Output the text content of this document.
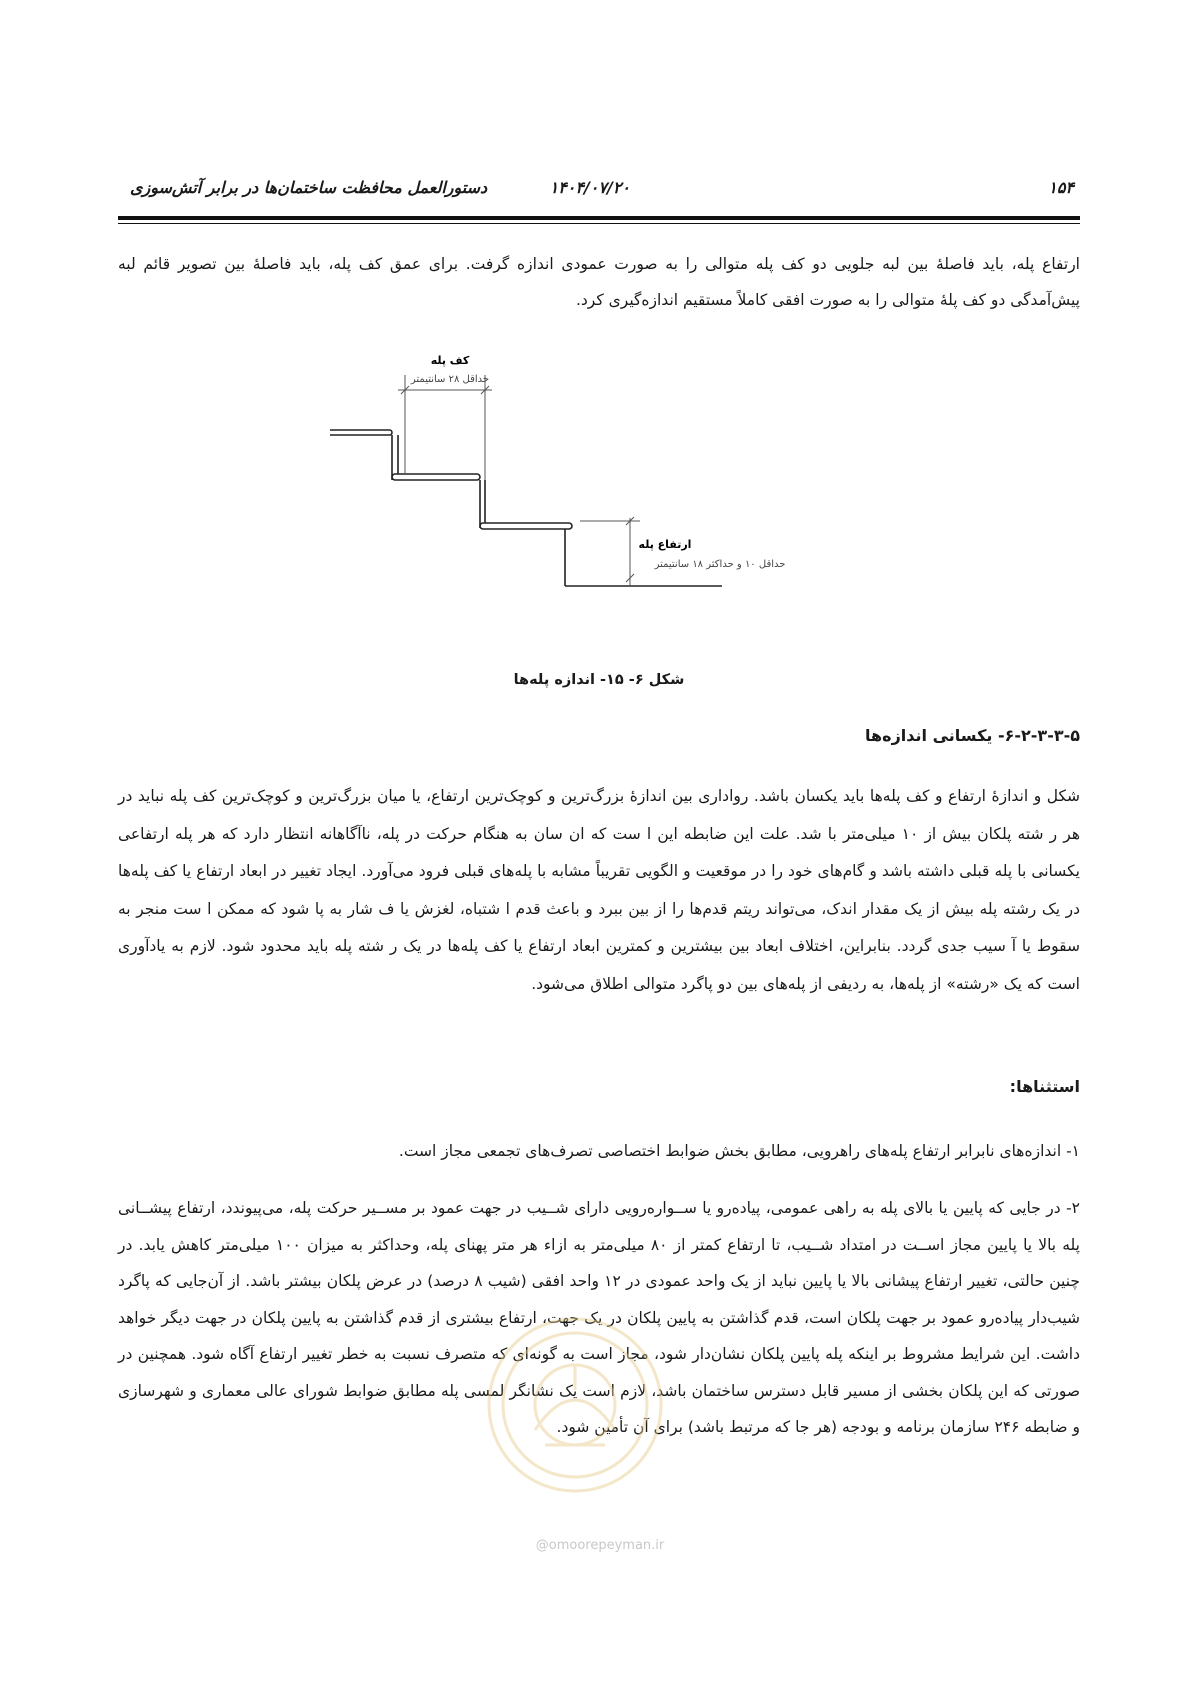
۱۵۴
۱۴۰۴/۰۷/۲۰
دستورالعمل محافظت ساختمان‌ها در برابر آتش‌سوزی

ارتفاع پله، باید فاصلهٔ بین لبه جلویی دو کف پله متوالی را به صورت عمودی اندازه گرفت. برای عمق کف پله، باید فاصلهٔ بین تصویر قائم لبه پیش‌آمدگی دو کف پلهٔ متوالی را به صورت افقی کاملاً مستقیم اندازه‌گیری کرد.

کف پله
حداقل ۲۸ سانتیمتر
ارتفاع پله
حداقل ۱۰ و حداکثر ۱۸ سانتیمتر
شکل ۶- ۱۵- اندازه پله‌ها
۶-۲-۳-۳-۵- یکسانی اندازه‌ها

شکل و اندازهٔ ارتفاع و کف پله‌ها باید یکسان باشد. رواداری بین اندازهٔ بزرگ‌ترین و کوچک‌ترین ارتفاع، یا میان بزرگ‌ترین و کوچک‌ترین کف پله نباید در هر ر شته پلکان بیش از ۱۰ میلی‌متر با شد. علت این ضابطه این ا ست که ان سان به هنگام حرکت در پله، ناآگاهانه انتظار دارد که هر پله ارتفاعی یکسانی با پله قبلی داشته باشد و گام‌های خود را در موقعیت و الگویی تقریباً مشابه با پله‌های قبلی فرود می‌آورد. ایجاد تغییر در ابعاد ارتفاع یا کف پله‌ها در یک رشته پله بیش از یک مقدار اندک، می‌تواند ریتم قدم‌ها را از بین ببرد و باعث قدم ا شتباه، لغزش یا ف شار به پا شود که ممکن ا ست منجر به سقوط یا آ سیب جدی گردد. بنابراین، اختلاف ابعاد بین بیشترین و کمترین ابعاد ارتفاع یا کف پله‌ها در یک ر شته پله باید محدود شود. لازم به یادآوری است که یک «رشته» از پله‌ها، به ردیفی از پله‌های بین دو پاگرد متوالی اطلاق می‌شود.

استثناها:

۱- اندازه‌های نابرابر ارتفاع پله‌های راهرویی، مطابق بخش ضوابط اختصاصی تصرف‌های تجمعی مجاز است.

۲- در جایی که پایین یا بالای پله به راهی عمومی، پیاده‌رو یا ســواره‌رویی دارای شــیب در جهت عمود بر مســیر حرکت پله، می‌پیوندد، ارتفاع پیشــانی پله بالا یا پایین مجاز اســت در امتداد شــیب، تا ارتفاع کمتر از ۸۰ میلی‌متر به ازاء هر متر پهنای پله، وحداکثر به میزان ۱۰۰ میلی‌متر کاهش یابد. در چنین حالتی، تغییر ارتفاع پیشانی بالا یا پایین نباید از یک واحد عمودی در ۱۲ واحد افقی (شیب ۸ درصد) در عرض پلکان بیشتر باشد. از آن‌جایی که پاگرد شیب‌دار پیاده‌رو عمود بر جهت پلکان است، قدم گذاشتن به پایین پلکان در یک جهت، ارتفاع بیشتری از قدم گذاشتن به پایین پلکان در جهت دیگر خواهد داشت. این شرایط مشروط بر اینکه پله پایین پلکان نشان‌دار شود، مجاز است به گونه‌ای که متصرف نسبت به خطر تغییر ارتفاع آگاه شود. همچنین در صورتی که این پلکان بخشی از مسیر قابل دسترس ساختمان باشد، لازم است یک نشانگر لمسی پله مطابق ضوابط شورای عالی معماری و شهرسازی و ضابطه ۲۴۶ سازمان برنامه و بودجه (هر جا که مرتبط باشد) برای آن تأمین شود.

@omoorepeyman.ir
